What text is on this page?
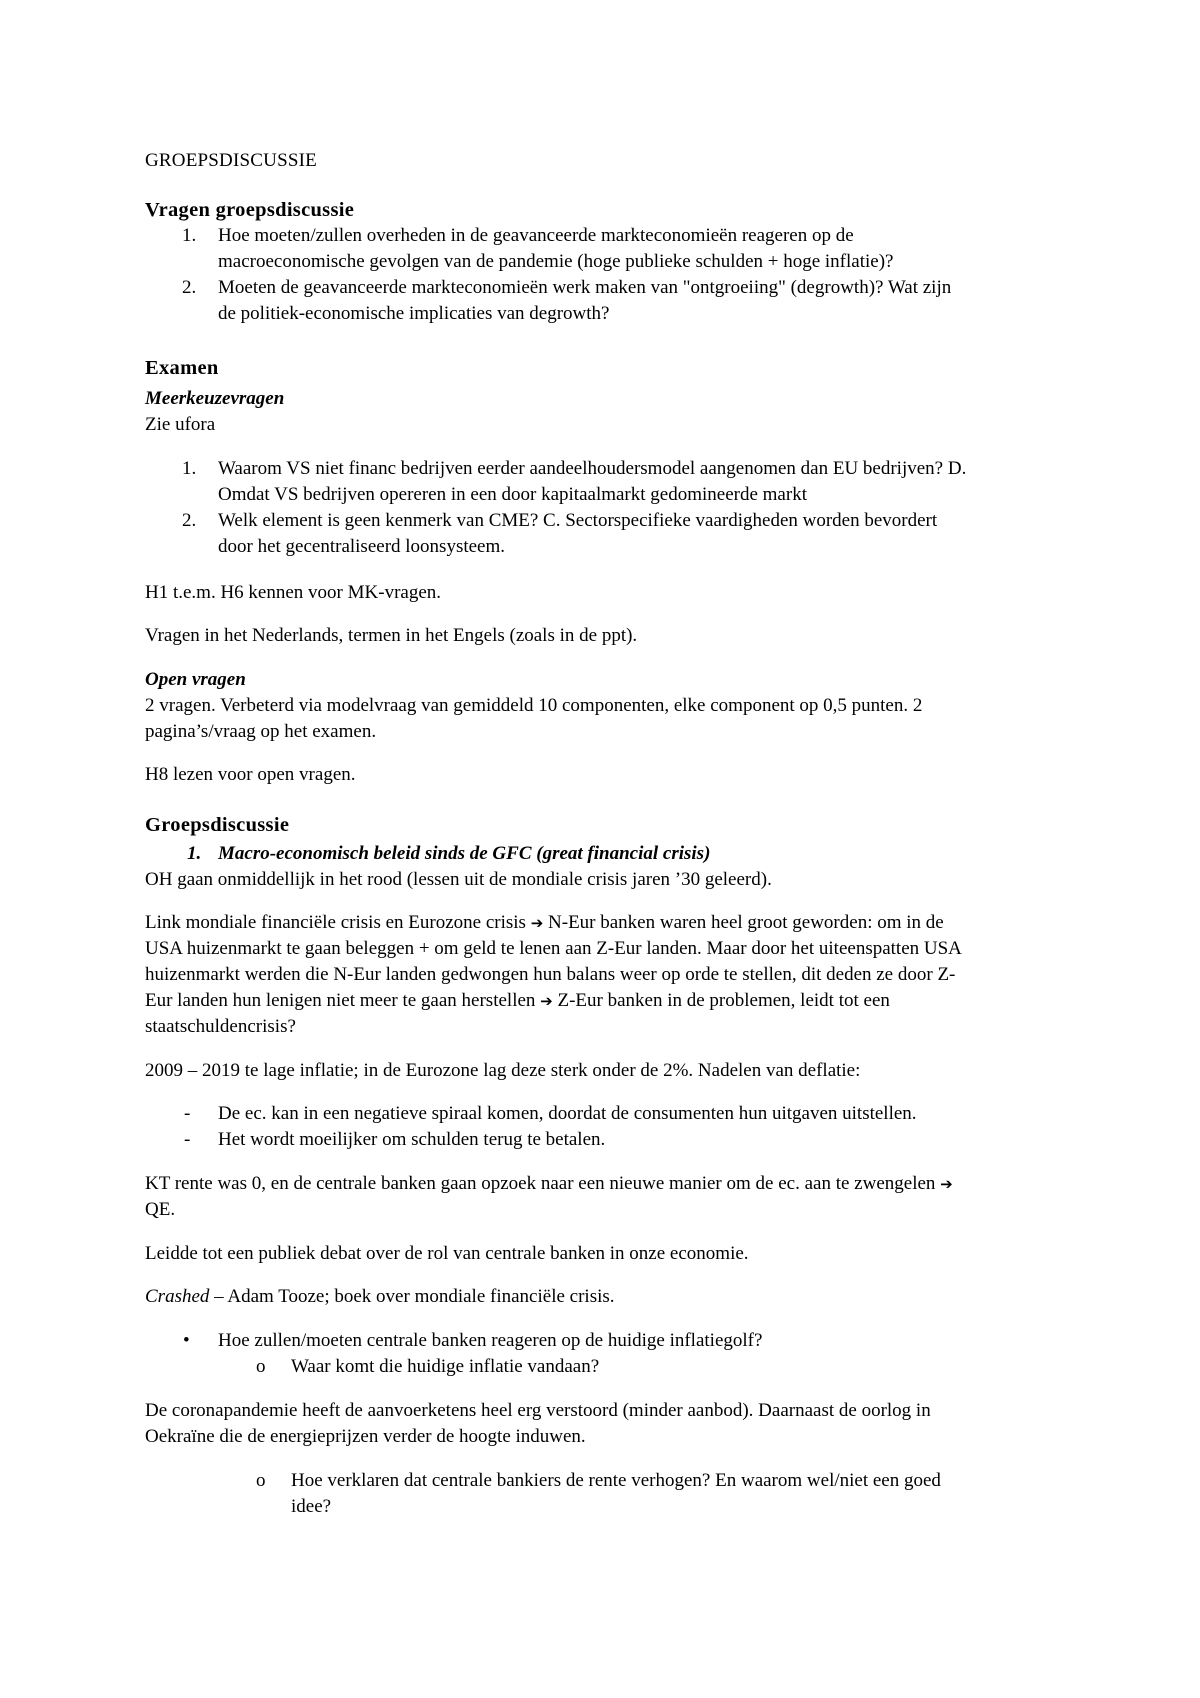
GROEPSDISCUSSIE
Vragen groepsdiscussie
1. Hoe moeten/zullen overheden in de geavanceerde markteconomieën reageren op de
macroeconomische gevolgen van de pandemie (hoge publieke schulden + hoge inflatie)?
2. Moeten de geavanceerde markteconomieën werk maken van "ontgroeiing" (degrowth)? Wat zijn
de politiek-economische implicaties van degrowth?
Examen
Meerkeuzevragen
Zie ufora
1. Waarom VS niet financ bedrijven eerder aandeelhoudersmodel aangenomen dan EU bedrijven? D.
Omdat VS bedrijven opereren in een door kapitaalmarkt gedomineerde markt
2. Welk element is geen kenmerk van CME? C. Sectorspecifieke vaardigheden worden bevordert
door het gecentraliseerd loonsysteem.
H1 t.e.m. H6 kennen voor MK-vragen.
Vragen in het Nederlands, termen in het Engels (zoals in de ppt).
Open vragen
2 vragen. Verbeterd via modelvraag van gemiddeld 10 componenten, elke component op 0,5 punten. 2
pagina’s/vraag op het examen.
H8 lezen voor open vragen.
Groepsdiscussie
1. Macro-economisch beleid sinds de GFC (great financial crisis)
OH gaan onmiddellijk in het rood (lessen uit de mondiale crisis jaren ’30 geleerd).
Link mondiale financiële crisis en Eurozone crisis ➔ N-Eur banken waren heel groot geworden: om in de
USA huizenmarkt te gaan beleggen + om geld te lenen aan Z-Eur landen. Maar door het uiteenspatten USA
huizenmarkt werden die N-Eur landen gedwongen hun balans weer op orde te stellen, dit deden ze door Z-
Eur landen hun lenigen niet meer te gaan herstellen ➔ Z-Eur banken in de problemen, leidt tot een
staatschuldencrisis?
2009 – 2019 te lage inflatie; in de Eurozone lag deze sterk onder de 2%. Nadelen van deflatie:
- De ec. kan in een negatieve spiraal komen, doordat de consumenten hun uitgaven uitstellen.
- Het wordt moeilijker om schulden terug te betalen.
KT rente was 0, en de centrale banken gaan opzoek naar een nieuwe manier om de ec. aan te zwengelen ➔
QE.
Leidde tot een publiek debat over de rol van centrale banken in onze economie.
Crashed – Adam Tooze; boek over mondiale financiële crisis.
• Hoe zullen/moeten centrale banken reageren op de huidige inflatiegolf?
o Waar komt die huidige inflatie vandaan?
De coronapandemie heeft de aanvoerketens heel erg verstoord (minder aanbod). Daarnaast de oorlog in
Oekraïne die de energieprijzen verder de hoogte induwen.
o Hoe verklaren dat centrale bankiers de rente verhogen? En waarom wel/niet een goed
idee?
